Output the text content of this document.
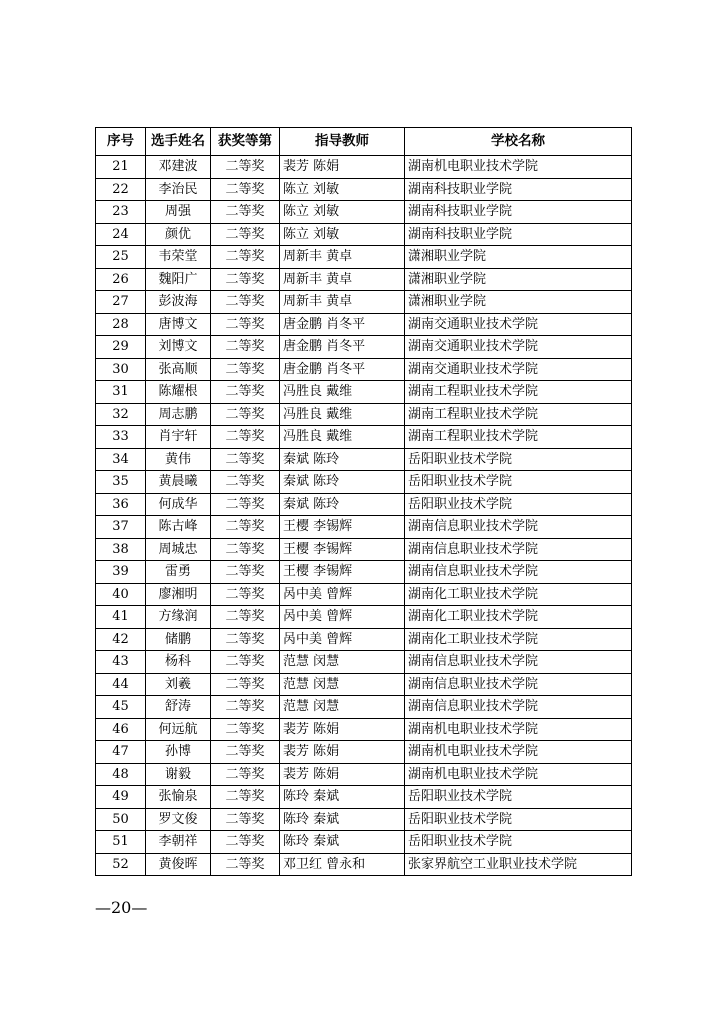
序号	选手姓名	获奖等第	指导教师	学校名称
21	邓建波	二等奖	裴芳 陈娟	湖南机电职业技术学院
22	李治民	二等奖	陈立 刘敏	湖南科技职业学院
23	周强	二等奖	陈立 刘敏	湖南科技职业学院
24	颜优	二等奖	陈立 刘敏	湖南科技职业学院
25	韦荣堂	二等奖	周新丰 黄卓	潇湘职业学院
26	魏阳广	二等奖	周新丰 黄卓	潇湘职业学院
27	彭波海	二等奖	周新丰 黄卓	潇湘职业学院
28	唐博文	二等奖	唐金鹏 肖冬平	湖南交通职业技术学院
29	刘博文	二等奖	唐金鹏 肖冬平	湖南交通职业技术学院
30	张高顺	二等奖	唐金鹏 肖冬平	湖南交通职业技术学院
31	陈耀根	二等奖	冯胜良 戴维	湖南工程职业技术学院
32	周志鹏	二等奖	冯胜良 戴维	湖南工程职业技术学院
33	肖宇轩	二等奖	冯胜良 戴维	湖南工程职业技术学院
34	黄伟	二等奖	秦斌 陈玲	岳阳职业技术学院
35	黄晨曦	二等奖	秦斌 陈玲	岳阳职业技术学院
36	何成华	二等奖	秦斌 陈玲	岳阳职业技术学院
37	陈古峰	二等奖	王樱 李锡辉	湖南信息职业技术学院
38	周城忠	二等奖	王樱 李锡辉	湖南信息职业技术学院
39	雷勇	二等奖	王樱 李锡辉	湖南信息职业技术学院
40	廖湘明	二等奖	呙中美 曾辉	湖南化工职业技术学院
41	方缘润	二等奖	呙中美 曾辉	湖南化工职业技术学院
42	储鹏	二等奖	呙中美 曾辉	湖南化工职业技术学院
43	杨科	二等奖	范慧 闵慧	湖南信息职业技术学院
44	刘羲	二等奖	范慧 闵慧	湖南信息职业技术学院
45	舒涛	二等奖	范慧 闵慧	湖南信息职业技术学院
46	何远航	二等奖	裴芳 陈娟	湖南机电职业技术学院
47	孙博	二等奖	裴芳 陈娟	湖南机电职业技术学院
48	谢毅	二等奖	裴芳 陈娟	湖南机电职业技术学院
49	张愉泉	二等奖	陈玲 秦斌	岳阳职业技术学院
50	罗文俊	二等奖	陈玲 秦斌	岳阳职业技术学院
51	李朝祥	二等奖	陈玲 秦斌	岳阳职业技术学院
52	黄俊晖	二等奖	邓卫红 曾永和	张家界航空工业职业技术学院
—20—
